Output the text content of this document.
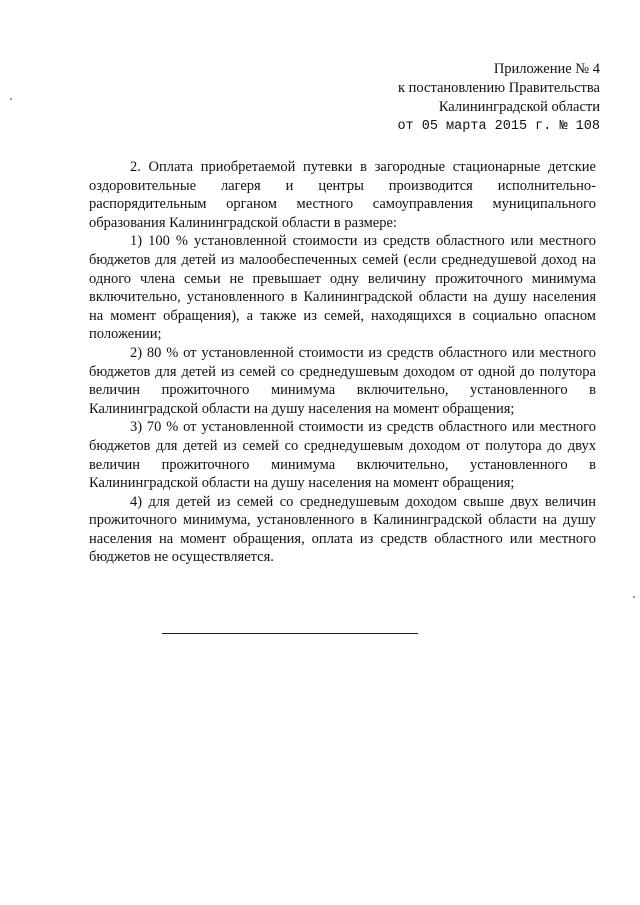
Приложение № 4
к постановлению Правительства
Калининградской области
от 05 марта 2015 г. № 108

2. Оплата приобретаемой путевки в загородные стационарные детские оздоровительные лагеря и центры производится исполнительно-распорядительным органом местного самоуправления муниципального образования Калининградской области в размере:

1) 100 % установленной стоимости из средств областного или местного бюджетов для детей из малообеспеченных семей (если среднедушевой доход на одного члена семьи не превышает одну величину прожиточного минимума включительно, установленного в Калининградской области на душу населения на момент обращения), а также из семей, находящихся в социально опасном положении;

2) 80 % от установленной стоимости из средств областного или местного бюджетов для детей из семей со среднедушевым доходом от одной до полутора величин прожиточного минимума включительно, установленного в Калининградской области на душу населения на момент обращения;

3) 70 % от установленной стоимости из средств областного или местного бюджетов для детей из семей со среднедушевым доходом от полутора до двух величин прожиточного минимума включительно, установленного в Калининградской области на душу населения на момент обращения;

4) для детей из семей со среднедушевым доходом свыше двух величин прожиточного минимума, установленного в Калининградской области на душу населения на момент обращения, оплата из средств областного или местного бюджетов не осуществляется.
